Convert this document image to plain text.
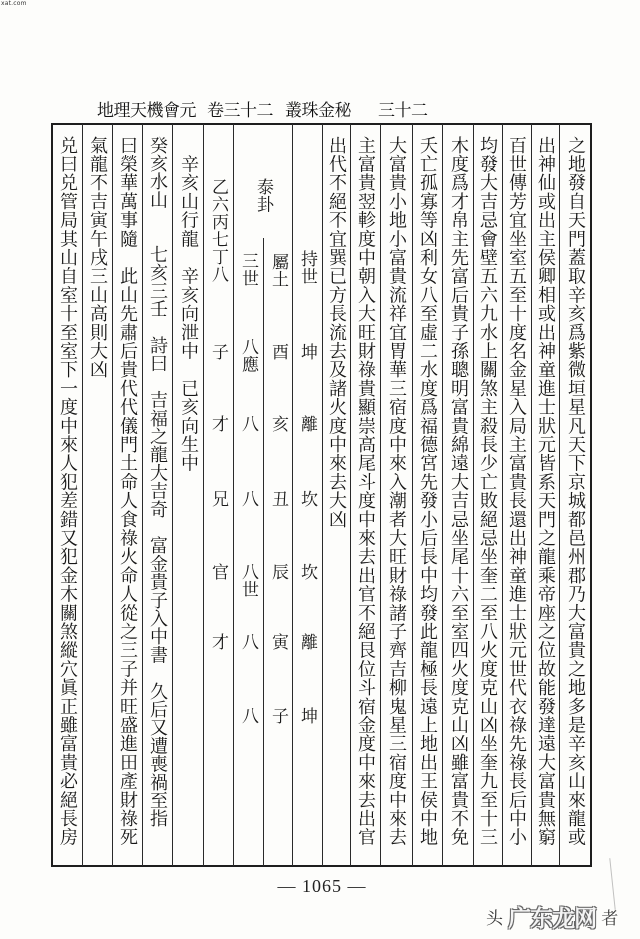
xat.com
地理天機會元 卷三十二 叢珠金秘 三十二
之地發自天門蓋取辛亥爲紫微垣星凡天下京城都邑州郡乃大富貴之地多是辛亥山來龍或
出神仙或出主侯卿相或出神童進士狀元皆系天門之龍乘帝座之位故能發達遠大富貴無窮
百世傳芳宜坐室五至十度名金星入局主富貴長還出神童進士狀元世代衣祿先祿長后中小
均發大吉忌會壁五六九水上關煞主殺長少亡敗絕忌坐奎二至八火度克山凶坐奎九至十三
木度爲才帛主先富后貴子孫聰明富貴綿遠大吉忌坐尾十六至室四火度克山凶雖富貴不免
夭亡孤寡等凶利女八至虛二水度爲福德宮先發小后長中均發此龍極長遠上地出王侯中地
大富貴小地小富貴流祥宜胃華三宿度中來入潮者大旺財祿諸子齊吉柳鬼星三宿度中來去
主富貴翌軫度中朝入大旺財祿貴顯崇高尾斗度中來去出官不絕艮位斗宿金度中來去出官
出代不絕不宜巽已方長流去及諸火度中來去大凶
　辛亥山行龍　辛亥向泄中　已亥向生中
癸亥水山　　七亥三壬　詩曰　吉福之龍大吉奇　富金貴子入中書　久后又遭喪禍至指
曰榮華萬事隨　此山先肅后貴代代儀門土命人食祿火命人從之三子并旺盛進田產財祿死
氣龍不吉寅午戌三山高則大凶
兑曰兑管局其山自室十至室下一度中來人犯差錯又犯金木關煞縱穴眞正雖富貴必絕長房	持世
泰卦
屬土
三世
乙六丙七丁八
坤
酉
八應
子
離
亥
八
才
坎
丑
八
兄
坎
辰
八世
官
離
寅
八
才
坤
子
八
— 1065 —
头 广东龙网 者
